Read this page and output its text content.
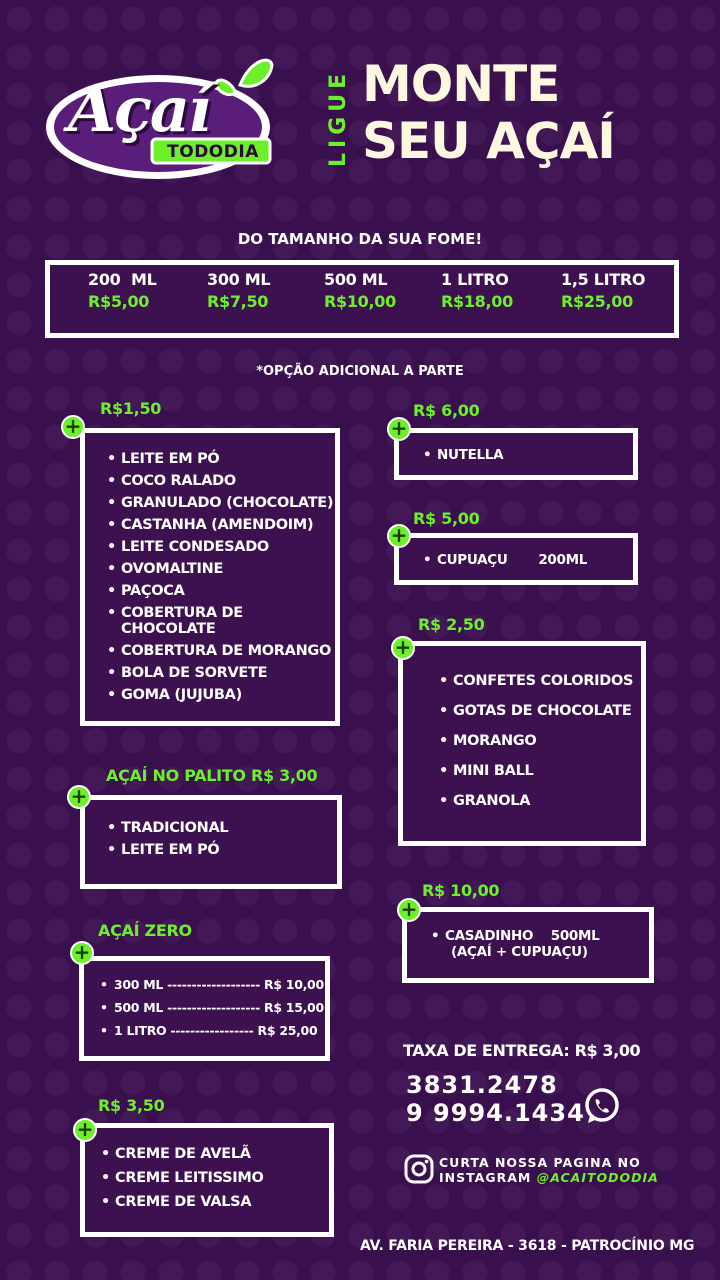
Açaí
TODODIA	LIGUE MONTE
SEU AÇAÍ
DO TAMANHO DA SUA FOME!
200  ML
R$5,00
300 ML
R$7,50
500 ML
R$10,00
1 LITRO
R$18,00
1,5 LITRO
R$25,00
*OPÇÃO ADICIONAL A PARTE
R$1,50
• LEITE EM PÓ
• COCO RALADO
• GRANULADO (CHOCOLATE)
• CASTANHA (AMENDOIM)
• LEITE CONDESADO
• OVOMALTINE
• PAÇOCA
• COBERTURA DE CHOCOLATE
• COBERTURA DE MORANGO
• BOLA DE SORVETE
• GOMA (JUJUBA)
+
R$ 6,00
• NUTELLA
+
R$ 5,00
• CUPUAÇU       200ML
+
R$ 2,50
• CONFETES COLORIDOS
• GOTAS DE CHOCOLATE
• MORANGO
• MINI BALL
• GRANOLA
+
AÇAÍ NO PALITO R$ 3,00
• TRADICIONAL
• LEITE EM PÓ
+
AÇAÍ ZERO
• 300 ML ------------------- R$ 10,00
• 500 ML ------------------- R$ 15,00
• 1 LITRO ----------------- R$ 25,00
+
R$ 10,00
• CASADINHO    500ML
(AÇAÍ + CUPUAÇU)
+
R$ 3,50
• CREME DE AVELÃ
• CREME LEITISSIMO
• CREME DE VALSA
+
TAXA DE ENTREGA: R$ 3,00
3831.2478
9 9994.1434
CURTA NOSSA PAGINA NO
INSTAGRAM @ACAITODODIA
AV. FARIA PEREIRA - 3618 - PATROCÍNIO MG
